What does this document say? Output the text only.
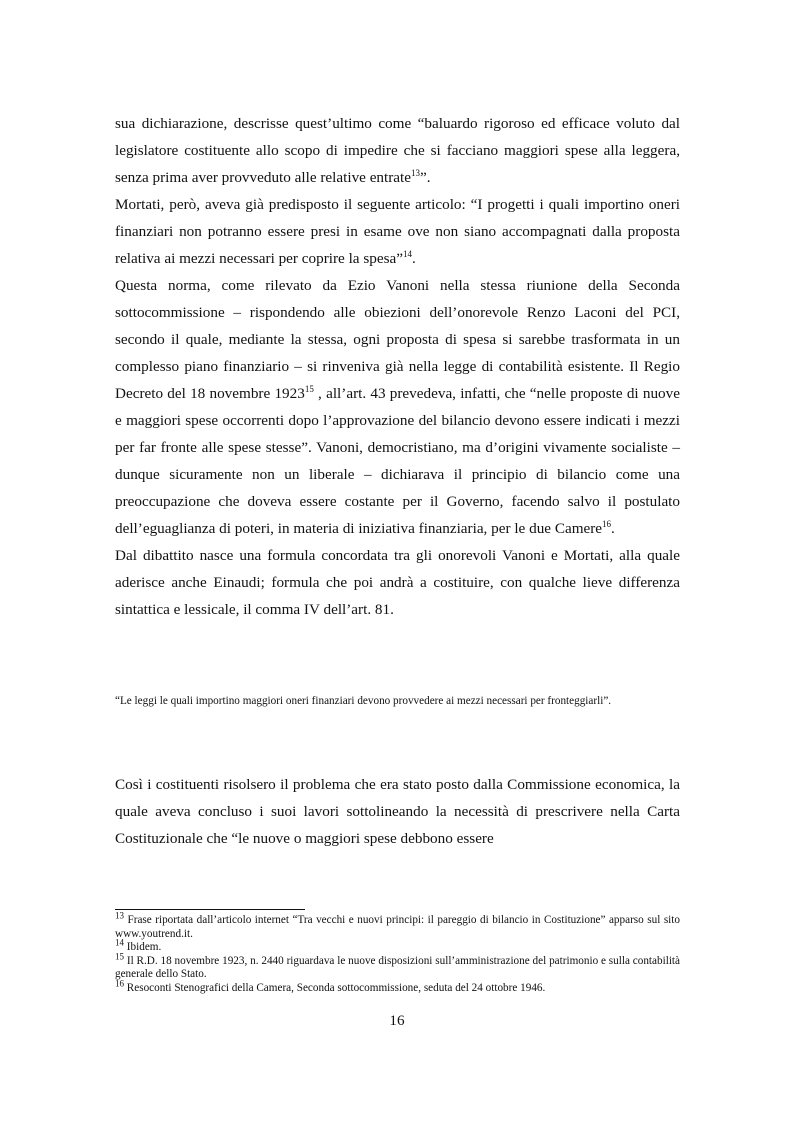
sua dichiarazione, descrisse quest’ultimo come “baluardo rigoroso ed efficace voluto dal legislatore costituente allo scopo di impedire che si facciano maggiori spese alla leggera, senza prima aver provveduto alle relative entrate$^{13}$”.

Mortati, però, aveva già predisposto il seguente articolo: “I progetti i quali importino oneri finanziari non potranno essere presi in esame ove non siano accompagnati dalla proposta relativa ai mezzi necessari per coprire la spesa”$^{14}$.

Questa norma, come rilevato da Ezio Vanoni nella stessa riunione della Seconda sottocommissione – rispondendo alle obiezioni dell’onorevole Renzo Laconi del PCI, secondo il quale, mediante la stessa, ogni proposta di spesa si sarebbe trasformata in un complesso piano finanziario – si rinveniva già nella legge di contabilità esistente. Il Regio Decreto del 18 novembre 1923$^{15}$ , all’art. 43 prevedeva, infatti, che “nelle proposte di nuove e maggiori spese occorrenti dopo l’approvazione del bilancio devono essere indicati i mezzi per far fronte alle spese stesse”. Vanoni, democristiano, ma d’origini vivamente socialiste – dunque sicuramente non un liberale – dichiarava il principio di bilancio come una preoccupazione che doveva essere costante per il Governo, facendo salvo il postulato dell’eguaglianza di poteri, in materia di iniziativa finanziaria, per le due Camere$^{16}$.

Dal dibattito nasce una formula concordata tra gli onorevoli Vanoni e Mortati, alla quale aderisce anche Einaudi; formula che poi andrà a costituire, con qualche lieve differenza sintattica e lessicale, il comma IV dell’art. 81.

“Le leggi le quali importino maggiori oneri finanziari devono provvedere ai mezzi necessari per fronteggiarli”.

Così i costituenti risolsero il problema che era stato posto dalla Commissione economica, la quale aveva concluso i suoi lavori sottolineando la necessità di prescrivere nella Carta Costituzionale che “le nuove o maggiori spese debbono essere

$^{13}$ Frase riportata dall’articolo internet “Tra vecchi e nuovi principi: il pareggio di bilancio in Costituzione” apparso sul sito www.youtrend.it.

$^{14}$ Ibidem.

$^{15}$ Il R.D. 18 novembre 1923, n. 2440 riguardava le nuove disposizioni sull’amministrazione del patrimonio e sulla contabilità generale dello Stato.

$^{16}$ Resoconti Stenografici della Camera, Seconda sottocommissione, seduta del 24 ottobre 1946.

16
